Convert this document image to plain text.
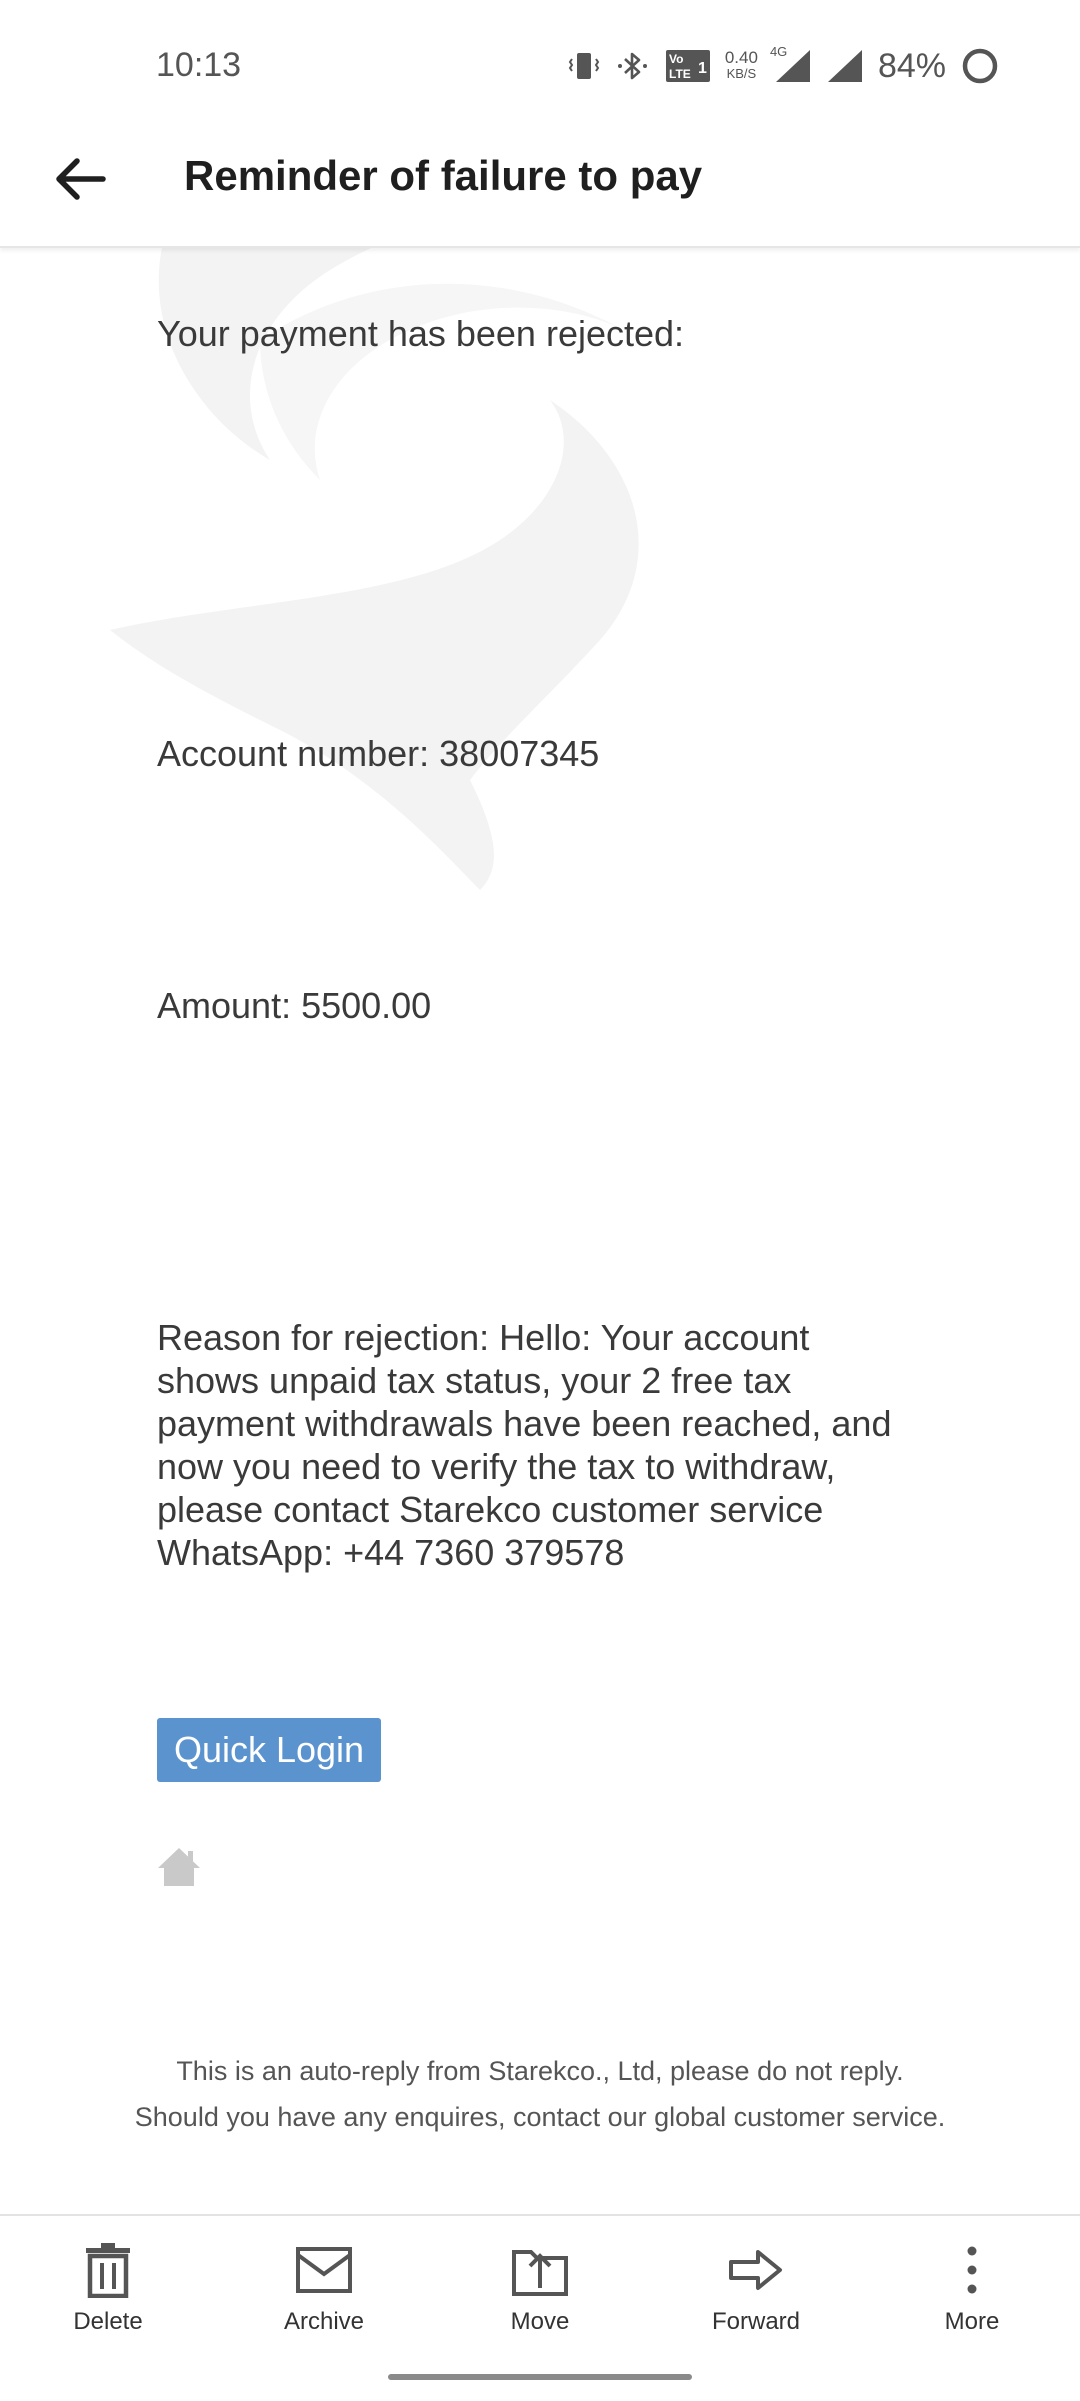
10:13	Vo
LTE 1
0.40
KB/S
4G	84%
Reminder of failure to pay
Your payment has been rejected:
Account number: 38007345
Amount: 5500.00
Reason for rejection: Hello: Your account shows unpaid tax status, your 2 free tax payment withdrawals have been reached, and now you need to verify the tax to withdraw, please contact Starekco customer service WhatsApp: +44 7360 379578
Quick Login
This is an auto-reply from Starekco., Ltd, please do not reply.
Should you have any enquires, contact our global customer service.
Delete	Archive	Move	Forward	More
